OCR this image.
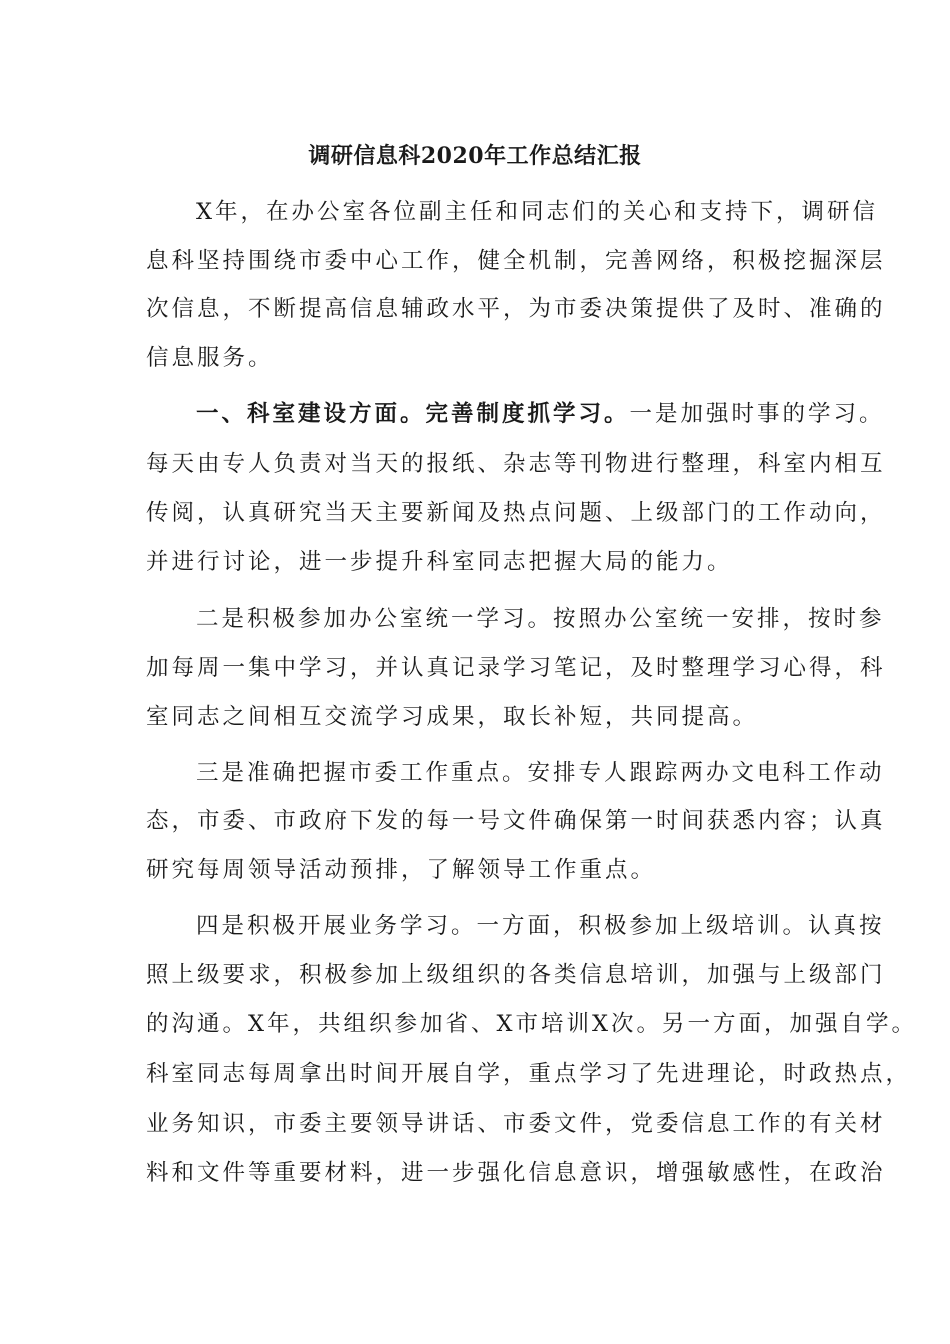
调研信息科2020年工作总结汇报
X年，在办公室各位副主任和同志们的关心和支持下，调研信
息科坚持围绕市委中心工作，健全机制，完善网络，积极挖掘深层
次信息，不断提高信息辅政水平，为市委决策提供了及时、准确的
信息服务。
一、科室建设方面。完善制度抓学习。一是加强时事的学习。
每天由专人负责对当天的报纸、杂志等刊物进行整理，科室内相互
传阅，认真研究当天主要新闻及热点问题、上级部门的工作动向，
并进行讨论，进一步提升科室同志把握大局的能力。
二是积极参加办公室统一学习。按照办公室统一安排，按时参
加每周一集中学习，并认真记录学习笔记，及时整理学习心得，科
室同志之间相互交流学习成果，取长补短，共同提高。
三是准确把握市委工作重点。安排专人跟踪两办文电科工作动
态，市委、市政府下发的每一号文件确保第一时间获悉内容；认真
研究每周领导活动预排，了解领导工作重点。
四是积极开展业务学习。一方面，积极参加上级培训。认真按
照上级要求，积极参加上级组织的各类信息培训，加强与上级部门
的沟通。X年，共组织参加省、X市培训X次。另一方面，加强自学。
科室同志每周拿出时间开展自学，重点学习了先进理论，时政热点，
业务知识，市委主要领导讲话、市委文件，党委信息工作的有关材
料和文件等重要材料，进一步强化信息意识，增强敏感性，在政治
